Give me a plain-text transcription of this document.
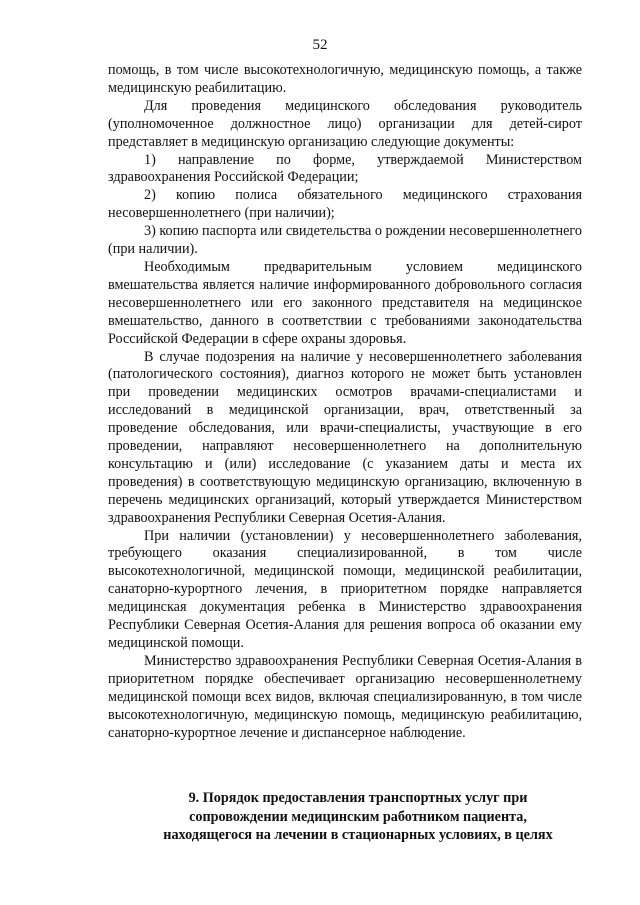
52

помощь, в том числе высокотехнологичную, медицинскую помощь, а также медицинскую реабилитацию.

Для проведения медицинского обследования руководитель (уполномоченное должностное лицо) организации для детей-сирот представляет в медицинскую организацию следующие документы:

1) направление по форме, утверждаемой Министерством здравоохранения Российской Федерации;

2) копию полиса обязательного медицинского страхования несовершеннолетнего (при наличии);

3) копию паспорта или свидетельства о рождении несовершеннолетнего (при наличии).

Необходимым предварительным условием медицинского вмешательства является наличие информированного добровольного согласия несовершеннолетнего или его законного представителя на медицинское вмешательство, данного в соответствии с требованиями законодательства Российской Федерации в сфере охраны здоровья.

В случае подозрения на наличие у несовершеннолетнего заболевания (патологического состояния), диагноз которого не может быть установлен при проведении медицинских осмотров врачами-специалистами и исследований в медицинской организации, врач, ответственный за проведение обследования, или врачи-специалисты, участвующие в его проведении, направляют несовершеннолетнего на дополнительную консультацию и (или) исследование (с указанием даты и места их проведения) в соответствующую медицинскую организацию, включенную в перечень медицинских организаций, который утверждается Министерством здравоохранения Республики Северная Осетия-Алания.

При наличии (установлении) у несовершеннолетнего заболевания, требующего оказания специализированной, в том числе высокотехнологичной, медицинской помощи, медицинской реабилитации, санаторно-курортного лечения, в приоритетном порядке направляется медицинская документация ребенка в Министерство здравоохранения Республики Северная Осетия-Алания для решения вопроса об оказании ему медицинской помощи.

Министерство здравоохранения Республики Северная Осетия-Алания в приоритетном порядке обеспечивает организацию несовершеннолетнему медицинской помощи всех видов, включая специализированную, в том числе высокотехнологичную, медицинскую помощь, медицинскую реабилитацию, санаторно-курортное лечение и диспансерное наблюдение.

9. Порядок предоставления транспортных услуг при
сопровождении медицинским работником пациента,
находящегося на лечении в стационарных условиях, в целях
